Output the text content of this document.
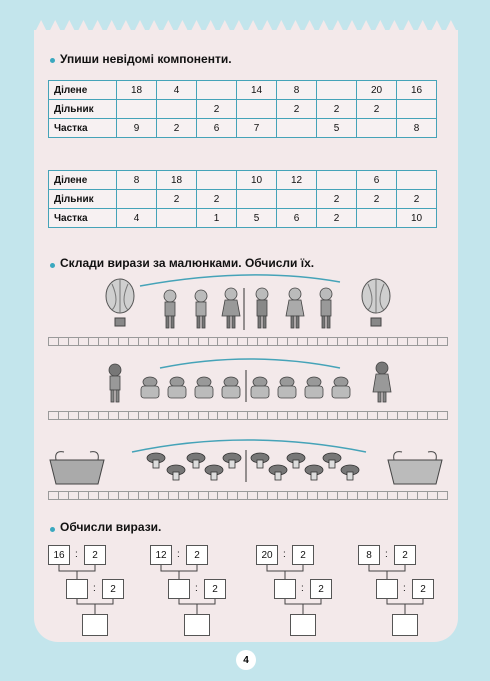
Упиши невідомі компоненти.
Ділене	18	4		14	8		20	16
Дільник			2		2	2	2	
Частка	9	2	6	7		5		8
Ділене	8	18		10	12		6	
Дільник		2	2			2	2	2
Частка	4		1	5	6	2		10
Склади вирази за малюнками. Обчисли їх.
Обчисли вирази.
16	:	2
:	2
12	:	2
:	2
20	:	2
:	2
8	:	2
:	2
4
